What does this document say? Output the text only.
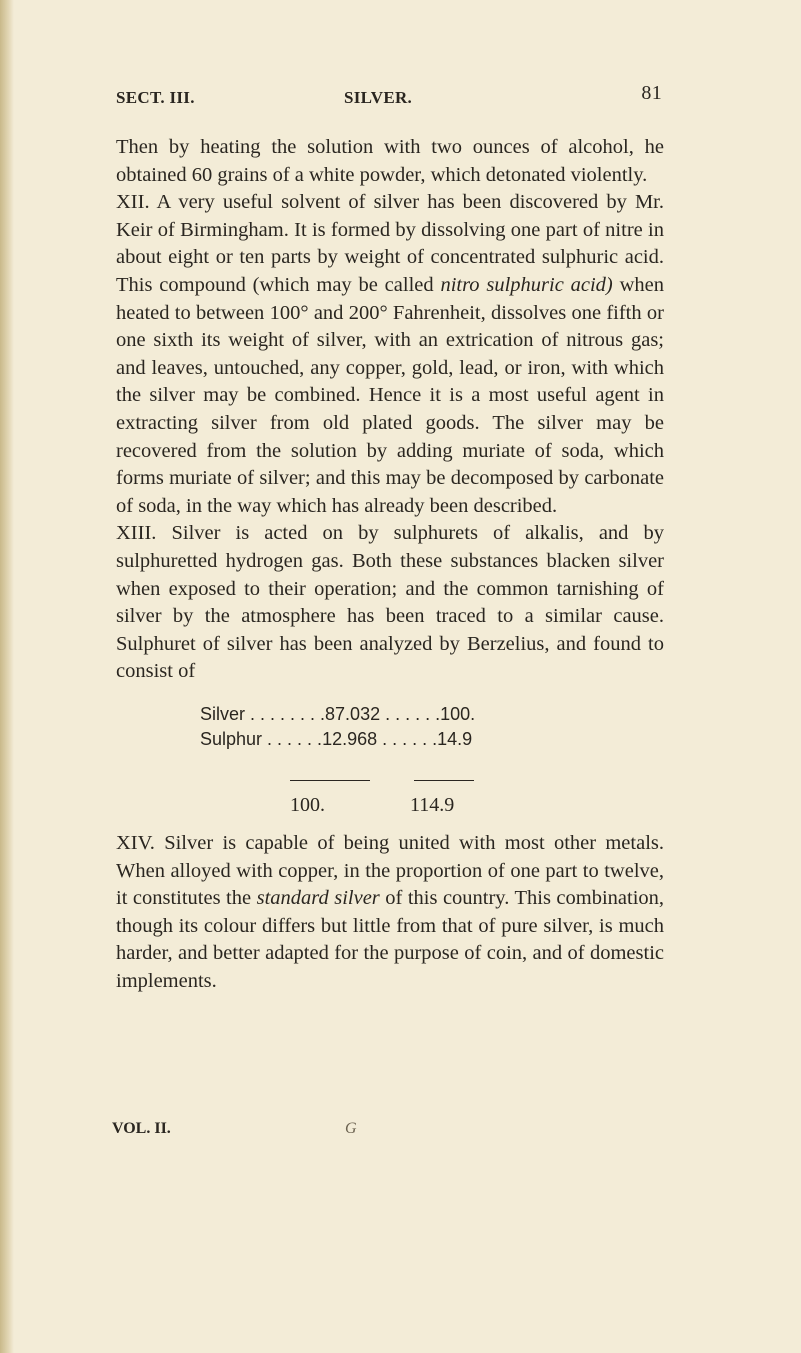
SECT. III.	SILVER.	81

Then by heating the solution with two ounces of alcohol, he obtained 60 grains of a white powder, which detonated violently.

XII. A very useful solvent of silver has been discovered by Mr. Keir of Birmingham. It is formed by dissolving one part of nitre in about eight or ten parts by weight of concentrated sulphuric acid. This compound (which may be called nitro sulphuric acid) when heated to between 100° and 200° Fahrenheit, dissolves one fifth or one sixth its weight of silver, with an extrication of nitrous gas; and leaves, untouched, any copper, gold, lead, or iron, with which the silver may be combined. Hence it is a most useful agent in extracting silver from old plated goods. The silver may be recovered from the solution by adding muriate of soda, which forms muriate of silver; and this may be decomposed by carbonate of soda, in the way which has already been described.

XIII. Silver is acted on by sulphurets of alkalis, and by sulphuretted hydrogen gas. Both these substances blacken silver when exposed to their operation; and the common tarnishing of silver by the atmosphere has been traced to a similar cause. Sulphuret of silver has been analyzed by Berzelius, and found to consist of

Silver . . . . . . . .87.032 . . . . . .100.
Sulphur . . . . . .12.968 . . . . . .14.9
100.	114.9

XIV. Silver is capable of being united with most other metals. When alloyed with copper, in the proportion of one part to twelve, it constitutes the standard silver of this country. This combination, though its colour differs but little from that of pure silver, is much harder, and better adapted for the purpose of coin, and of domestic implements.

VOL. II.	G
